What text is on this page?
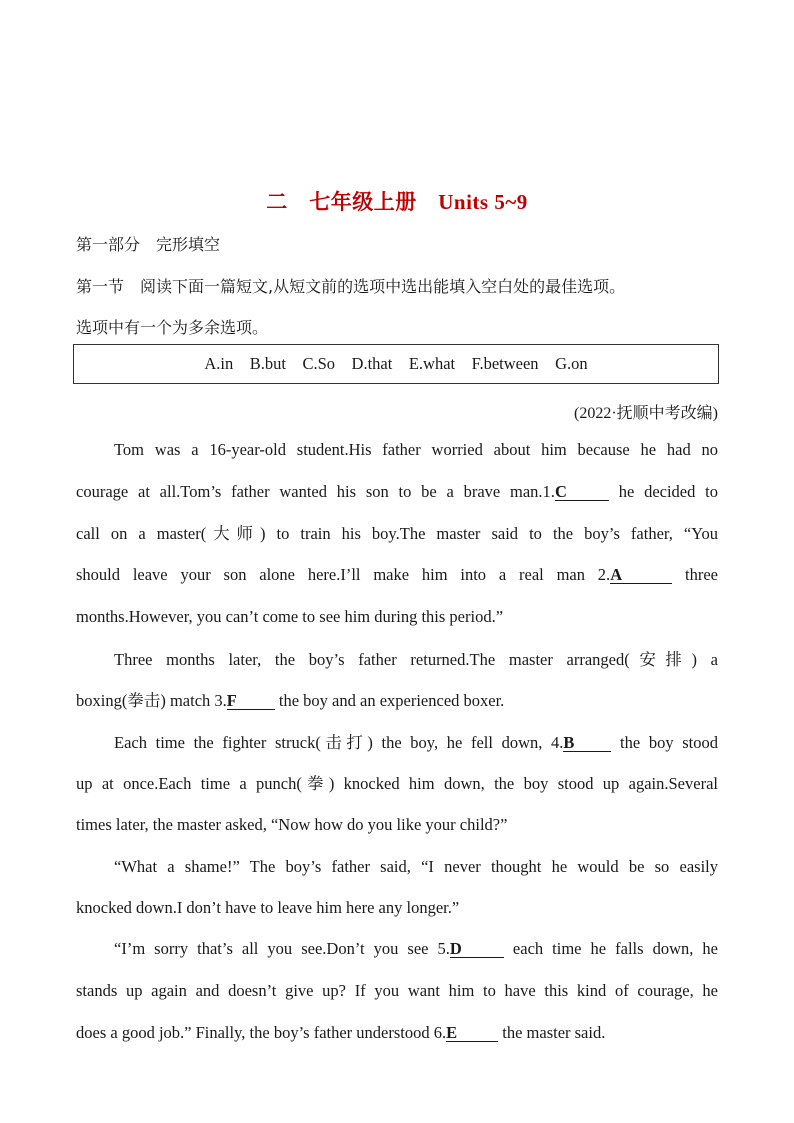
二　七年级上册　Units 5~9
第一部分　完形填空
第一节　阅读下面一篇短文,从短文前的选项中选出能填入空白处的最佳选项。
选项中有一个为多余选项。
A.in
B.but
C.So
D.that
E.what
F.between
G.on
(2022·抚顺中考改编)
Tom was a 16-year-old student.His father worried about him because he had no
courage at all.Tom’s father wanted his son to be a brave man.1.C	he decided to
call on a master(大师) to train his boy.The master said to the boy’s father, “You
should leave your son alone here.I’ll make him into a real man 2.A	three
months.However, you can’t come to see him during this period.”
Three months later, the boy’s father returned.The master arranged(安排) a
boxing(拳击) match 3.F the boy and an experienced boxer.
Each time the fighter struck(击打) the boy, he fell down, 4.B the boy stood
up at once.Each time a punch(拳) knocked him down, the boy stood up again.Several
times later, the master asked, “Now how do you like your child?”
“What a shame!” The boy’s father said, “I never thought he would be so easily
knocked down.I don’t have to leave him here any longer.”
“I’m sorry that’s all you see.Don’t you see 5.D	each time he falls down, he
stands up again and doesn’t give up? If you want him to have this kind of courage, he
does a good job.” Finally, the boy’s father understood 6.E the master said.
